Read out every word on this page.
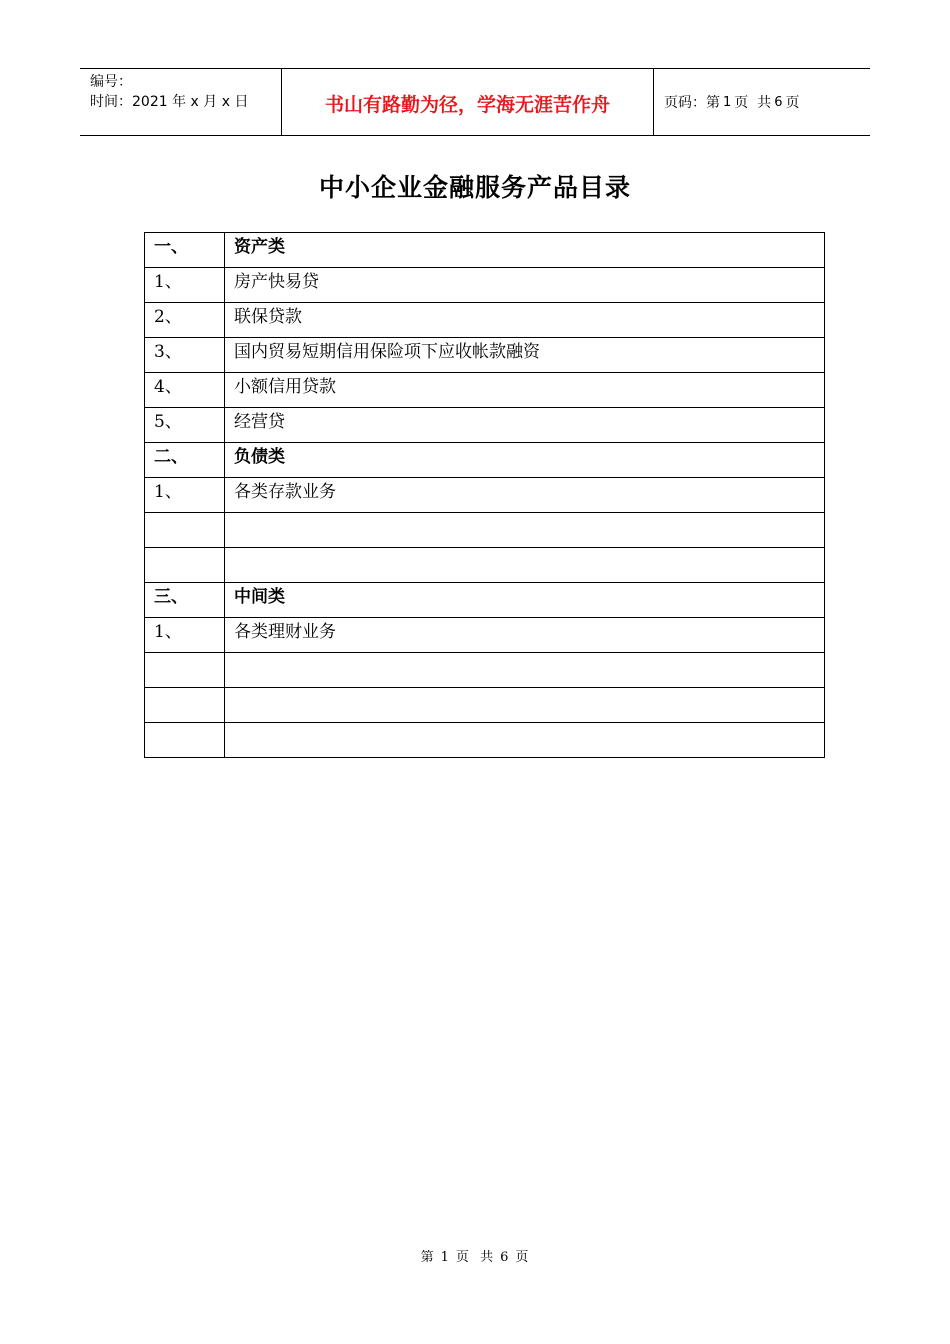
编号：
时间：2021 年 x 月 x 日	书山有路勤为径，学海无涯苦作舟	页码：第 1 页  共 6 页
中小企业金融服务产品目录
一、	资产类
1、	房产快易贷
2、	联保贷款
3、	国内贸易短期信用保险项下应收帐款融资
4、	小额信用贷款
5、	经营贷
二、	负债类
1、	各类存款业务

三、	中间类
1、	各类理财业务

第 1 页  共 6 页
